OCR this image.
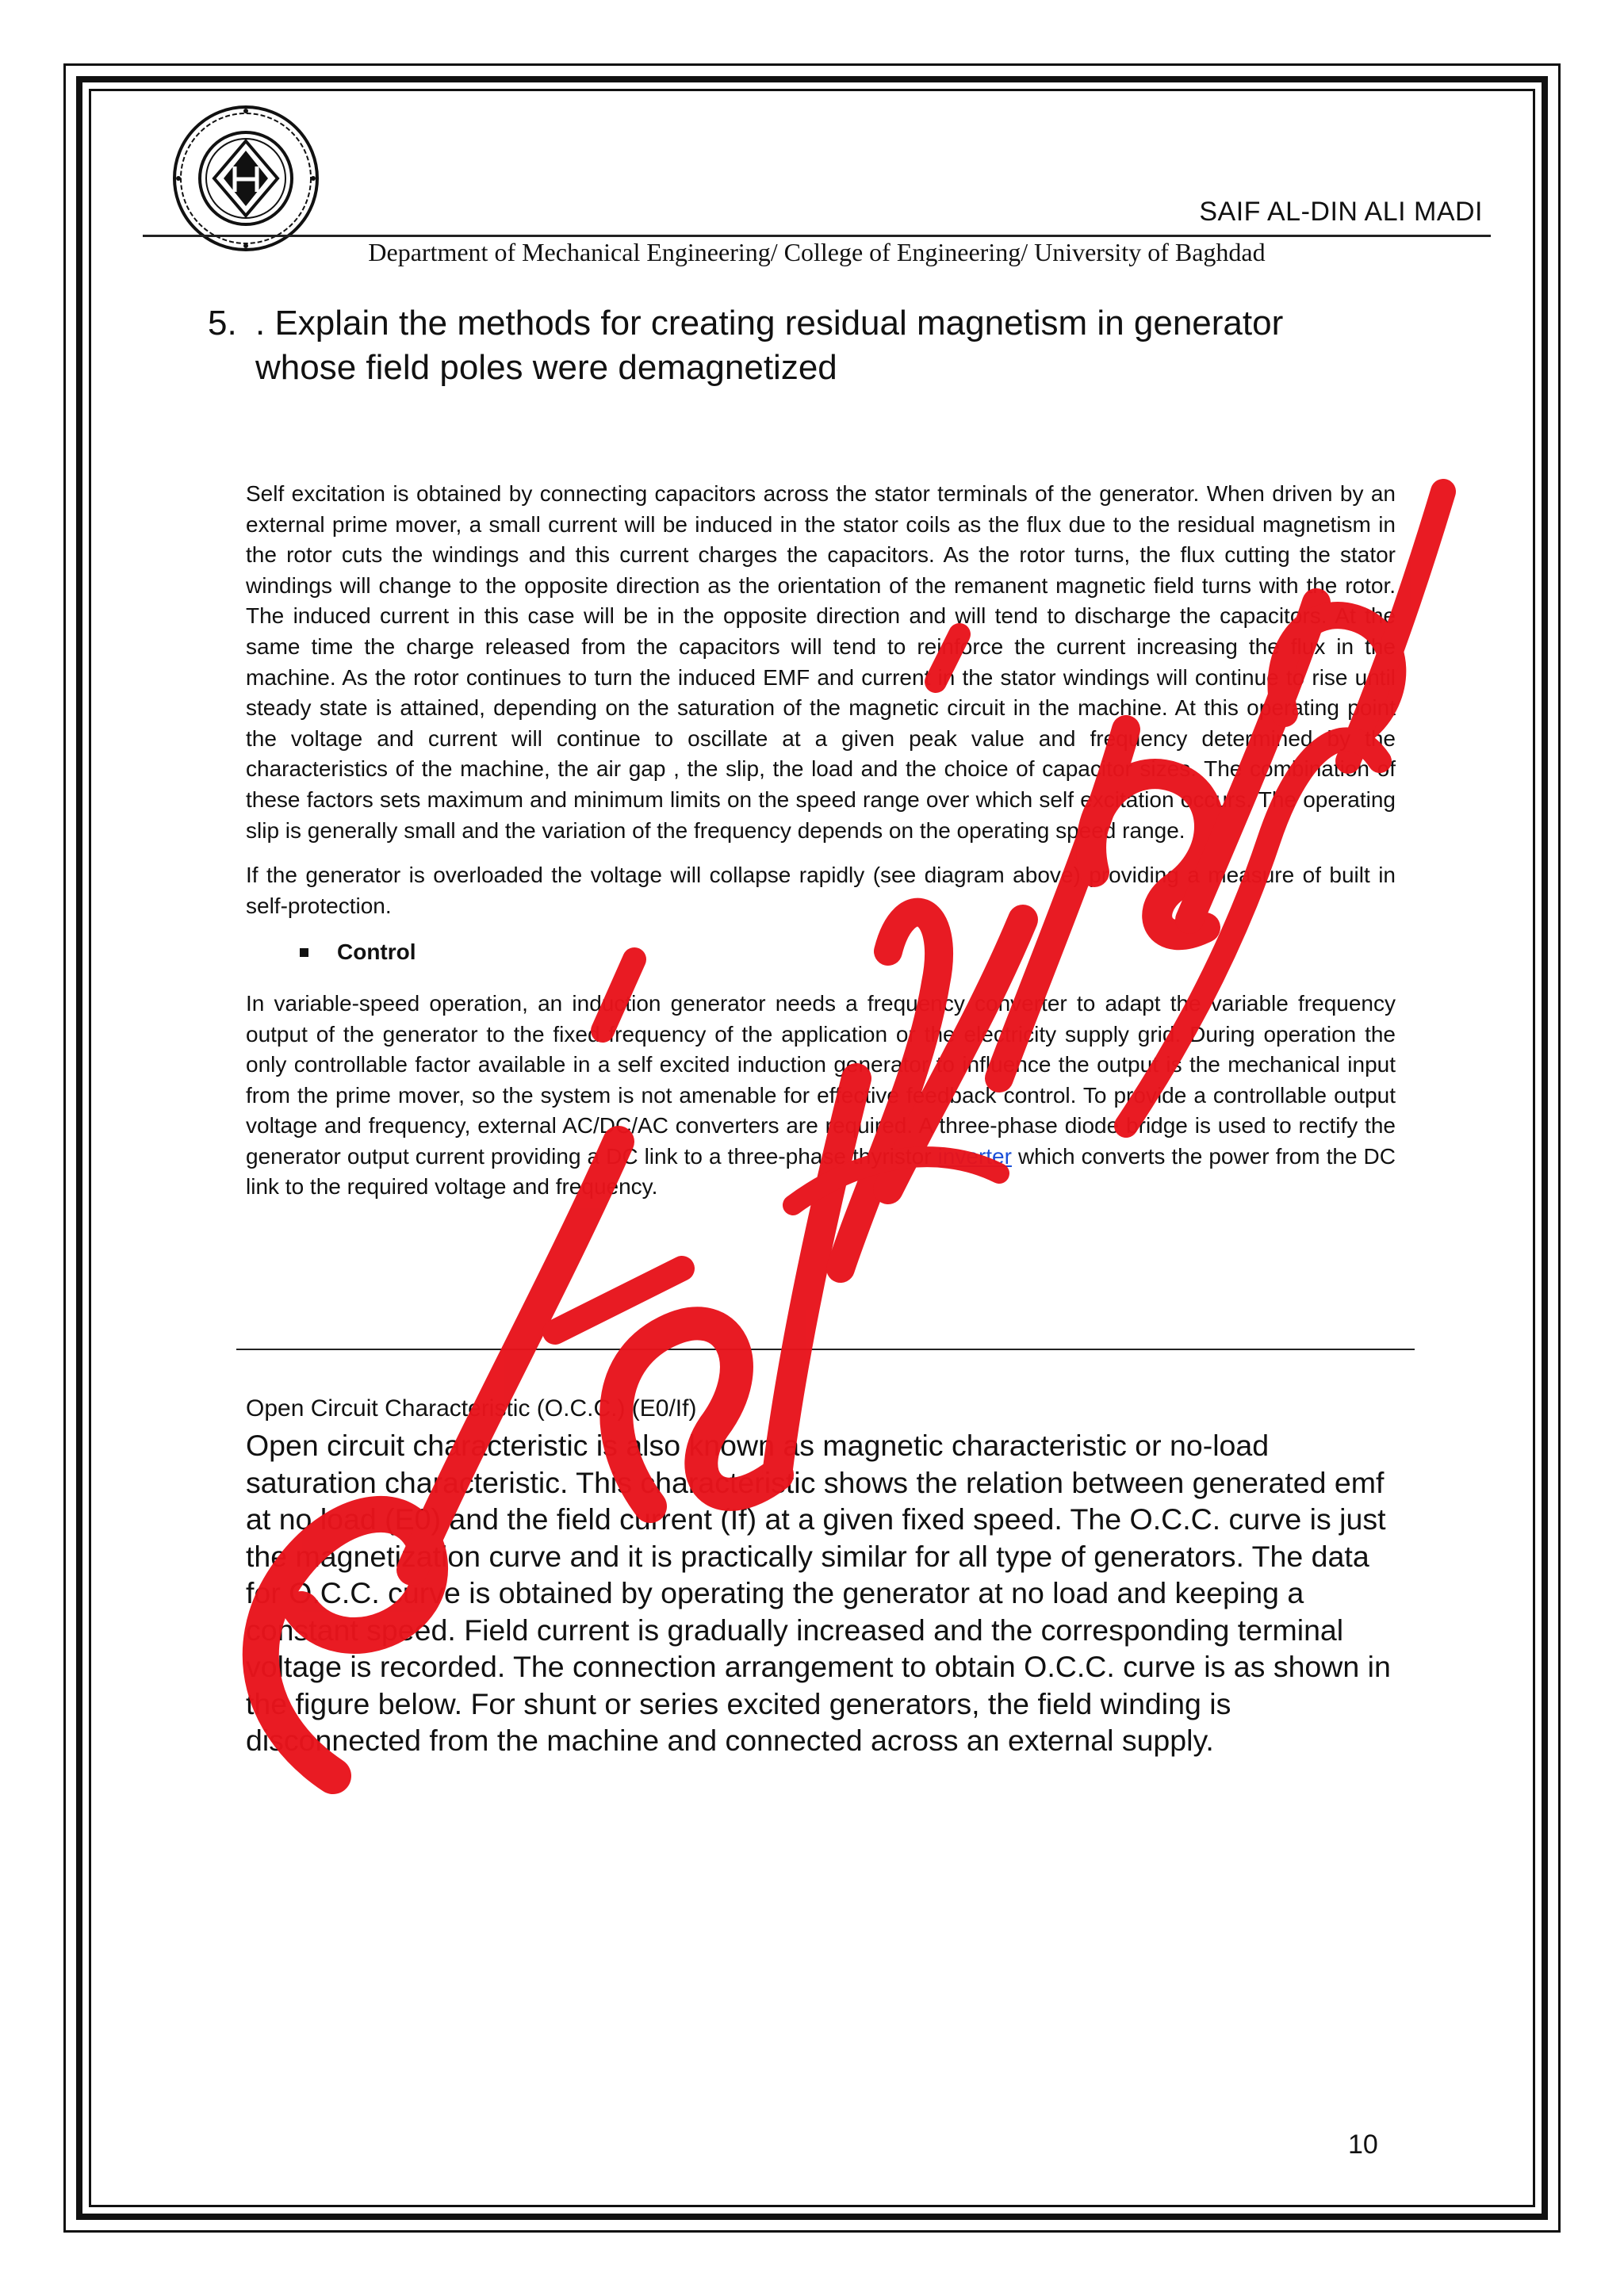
SAIF AL-DIN ALI MADI
Department of Mechanical Engineering/ College of Engineering/ University of Baghdad
5. . Explain the methods for creating residual magnetism in generator
whose field poles were demagnetized

Self excitation is obtained by connecting capacitors across the stator terminals of the generator. When driven by an external prime mover, a small current will be induced in the stator coils as the flux due to the residual magnetism in the rotor cuts the windings and this current charges the capacitors. As the rotor turns, the flux cutting the stator windings will change to the opposite direction as the orientation of the remanent magnetic field turns with the rotor. The induced current in this case will be in the opposite direction and will tend to discharge the capacitors. At the same time the charge released from the capacitors will tend to reinforce the current increasing the flux in the machine. As the rotor continues to turn the induced EMF and current in the stator windings will continue to rise until steady state is attained, depending on the saturation of the magnetic circuit in the machine. At this operating point the voltage and current will continue to oscillate at a given peak value and frequency determined by the characteristics of the machine, the air gap , the slip, the load and the choice of capacitor sizes. The combination of these factors sets maximum and minimum limits on the speed range over which self excitation occurs. The operating slip is generally small and the variation of the frequency depends on the operating speed range.

If the generator is overloaded the voltage will collapse rapidly (see diagram above) providing a measure of built in self-protection.

Control

In variable-speed operation, an induction generator needs a frequency converter to adapt the variable frequency output of the generator to the fixed frequency of the application or the electricity supply grid. During operation the only controllable factor available in a self excited induction generator to influence the output is the mechanical input from the prime mover, so the system is not amenable for effective feedback control. To provide a controllable output voltage and frequency, external AC/DC/AC converters are required. A three-phase diode bridge is used to rectify the generator output current providing a DC link to a three-phase thyristor inverter which converts the power from the DC link to the required voltage and frequency.

Open Circuit Characteristic (O.C.C.) (E0/If)
Open circuit characteristic is also known as magnetic characteristic or no-load saturation characteristic. This characteristic shows the relation between generated emf at no load (E0) and the field current (If) at a given fixed speed. The O.C.C. curve is just the magnetization curve and it is practically similar for all type of generators. The data for O.C.C. curve is obtained by operating the generator at no load and keeping a constant speed. Field current is gradually increased and the corresponding terminal voltage is recorded. The connection arrangement to obtain O.C.C. curve is as shown in the figure below. For shunt or series excited generators, the field winding is disconnected from the machine and connected across an external supply.
10
